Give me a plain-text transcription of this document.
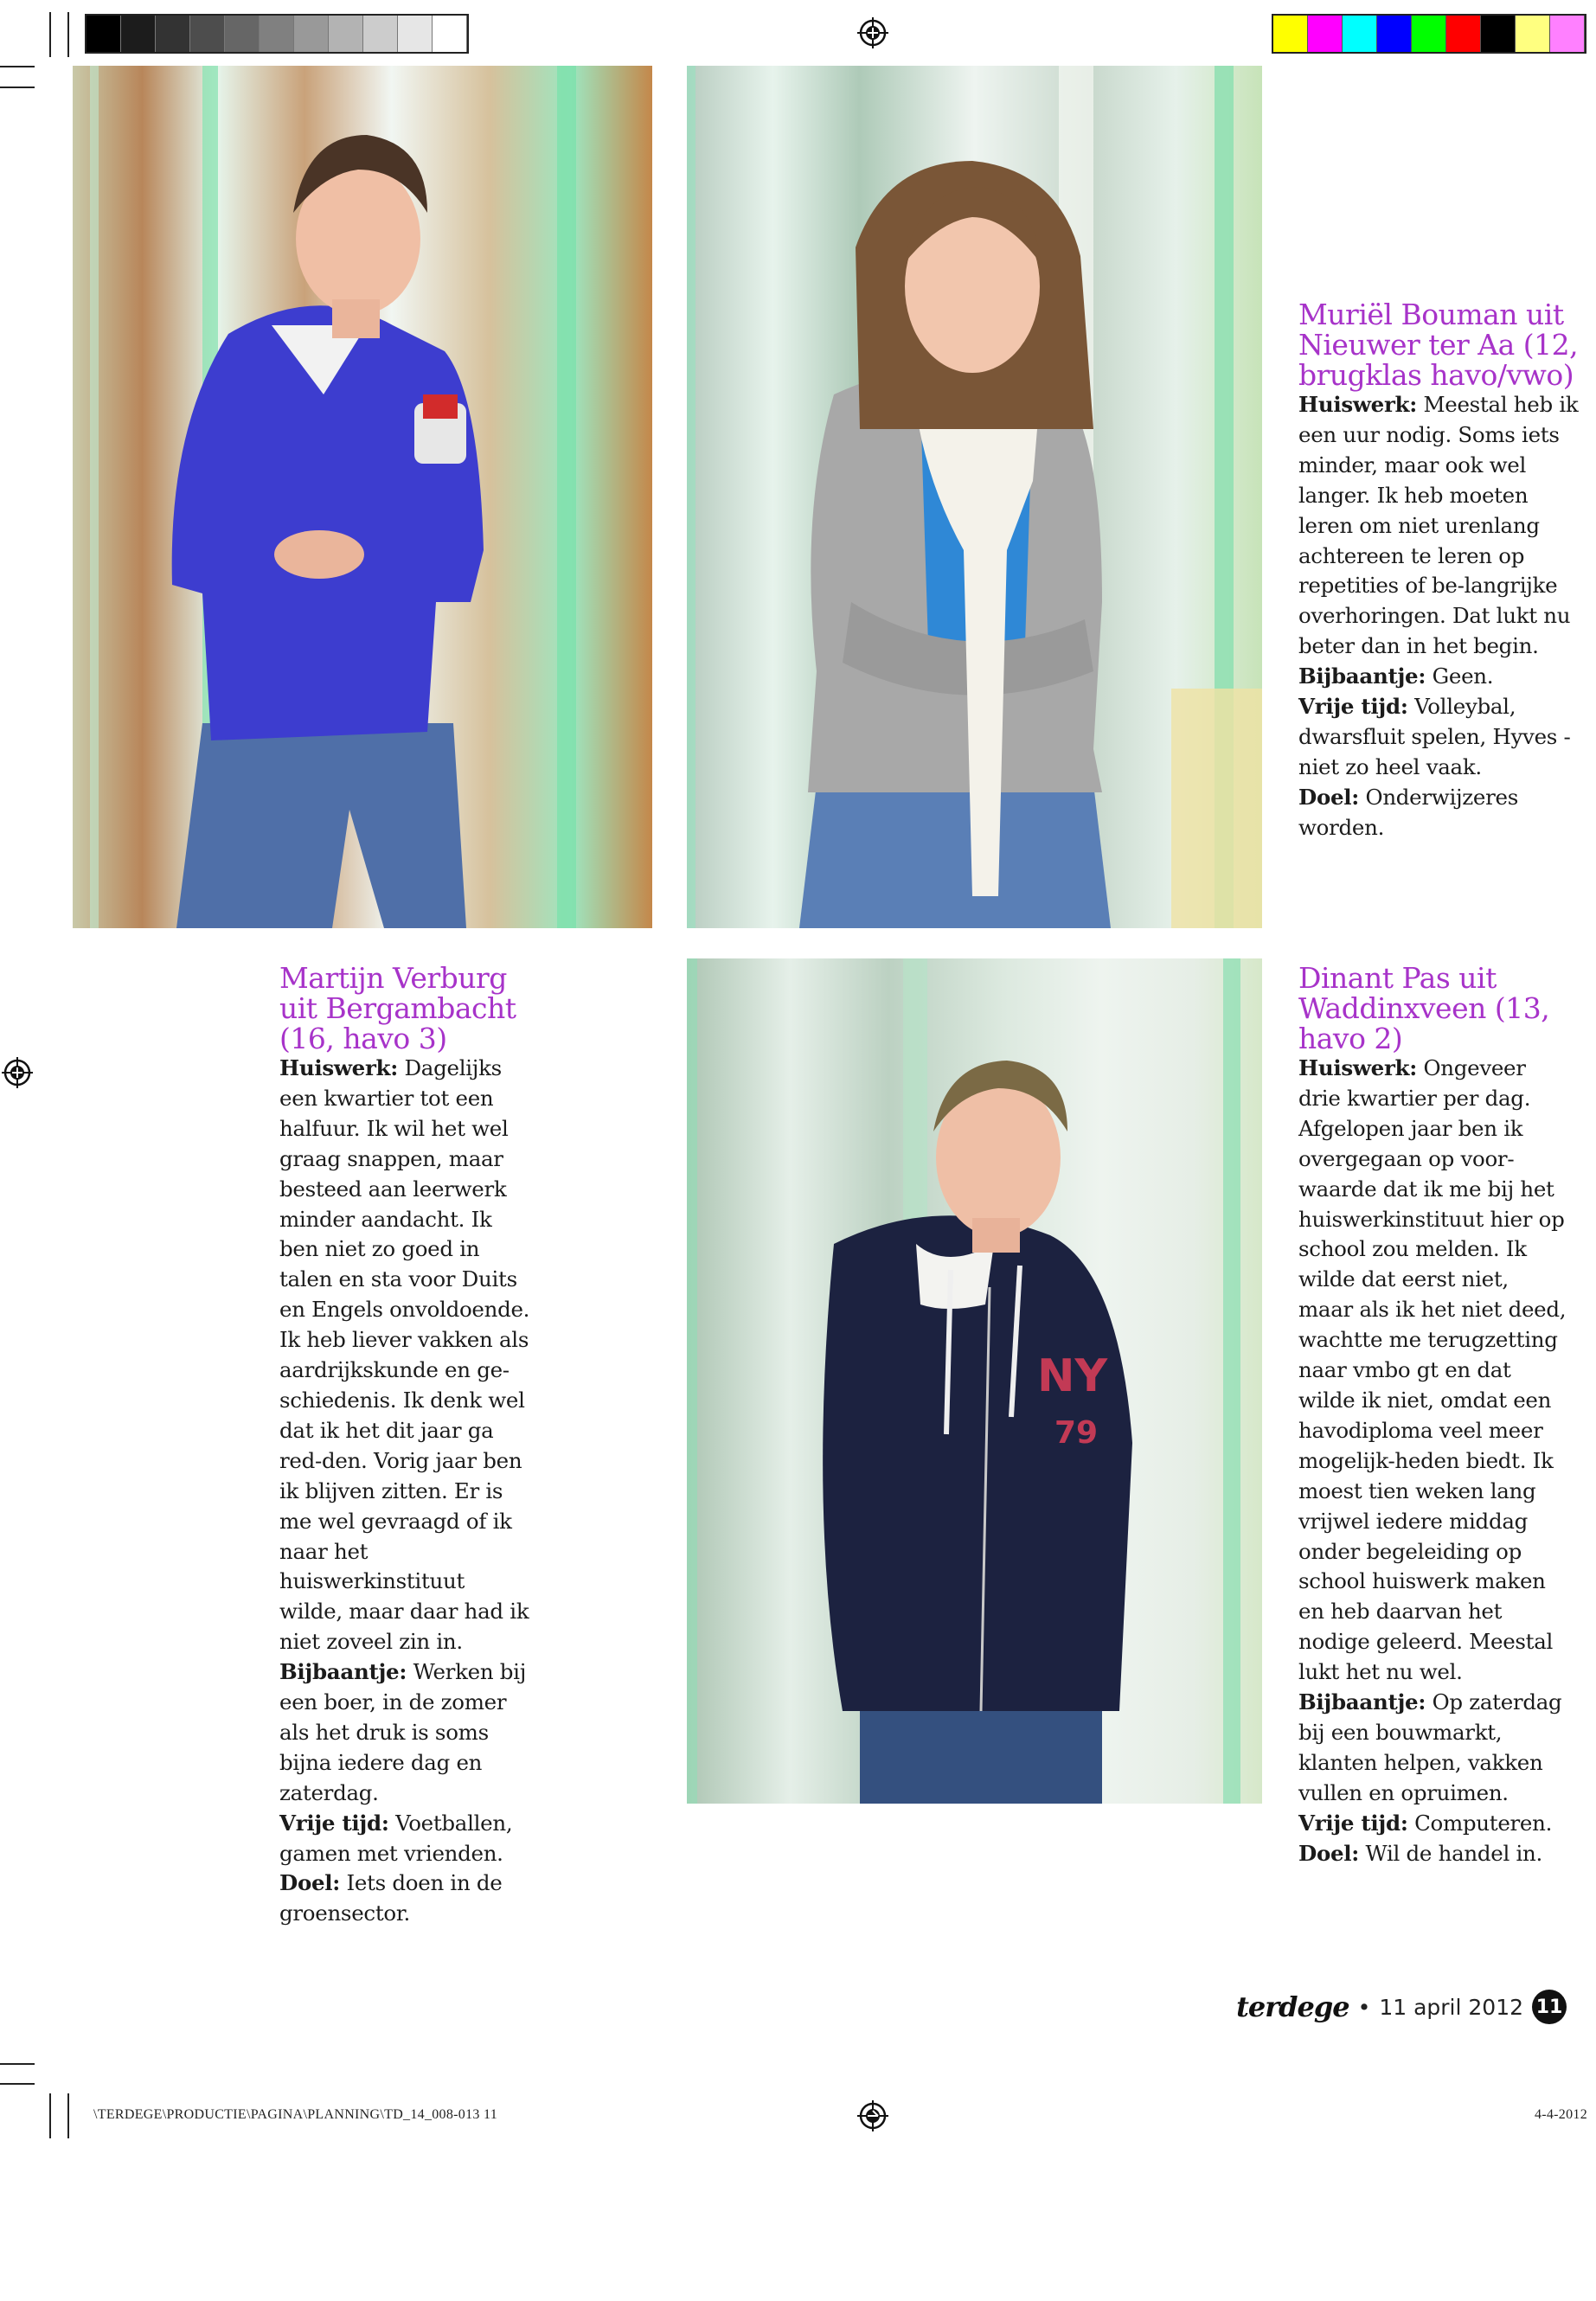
\TERDEGE\PRODUCTIE\PAGINA\PLANNING\TD_14_008-013 11	4-4-2012
NY
79
Muriël Bouman uit Nieuwer ter Aa (12, brugklas havo/vwo)

Huiswerk: Meestal heb ik een uur nodig. Soms iets minder, maar ook wel langer. Ik heb moeten leren om niet urenlang achtereen te leren op repetities of be-langrijke overhoringen. Dat lukt nu beter dan in het begin.

Bijbaantje: Geen.

Vrije tijd: Volleybal, dwarsfluit spelen, Hyves - niet zo heel vaak.

Doel: Onderwijzeres worden.

Martijn Verburg uit Bergambacht (16, havo 3)

Huiswerk: Dagelijks een kwartier tot een halfuur. Ik wil het wel graag snappen, maar besteed aan leerwerk minder aandacht. Ik ben niet zo goed in talen en sta voor Duits en Engels onvoldoende. Ik heb liever vakken als aardrijkskunde en ge-schiedenis. Ik denk wel dat ik het dit jaar ga red-den. Vorig jaar ben ik blijven zitten. Er is me wel gevraagd of ik naar het huiswerkinstituut wilde, maar daar had ik niet zoveel zin in.

Bijbaantje: Werken bij een boer, in de zomer als het druk is soms bijna iedere dag en zaterdag.

Vrije tijd: Voetballen, gamen met vrienden.

Doel: Iets doen in de groensector.

Dinant Pas uit Waddinxveen (13, havo 2)

Huiswerk: Ongeveer drie kwartier per dag. Afgelopen jaar ben ik overgegaan op voor-waarde dat ik me bij het huiswerkinstituut hier op school zou melden. Ik wilde dat eerst niet, maar als ik het niet deed, wachtte me terugzetting naar vmbo gt en dat wilde ik niet, omdat een havodiploma veel meer mogelijk-heden biedt. Ik moest tien weken lang vrijwel iedere middag onder begeleiding op school huiswerk maken en heb daarvan het nodige geleerd. Meestal lukt het nu wel.

Bijbaantje: Op zaterdag bij een bouwmarkt, klanten helpen, vakken vullen en opruimen.

Vrije tijd: Computeren.

Doel: Wil de handel in.

terdege • 11 april 2012 11
